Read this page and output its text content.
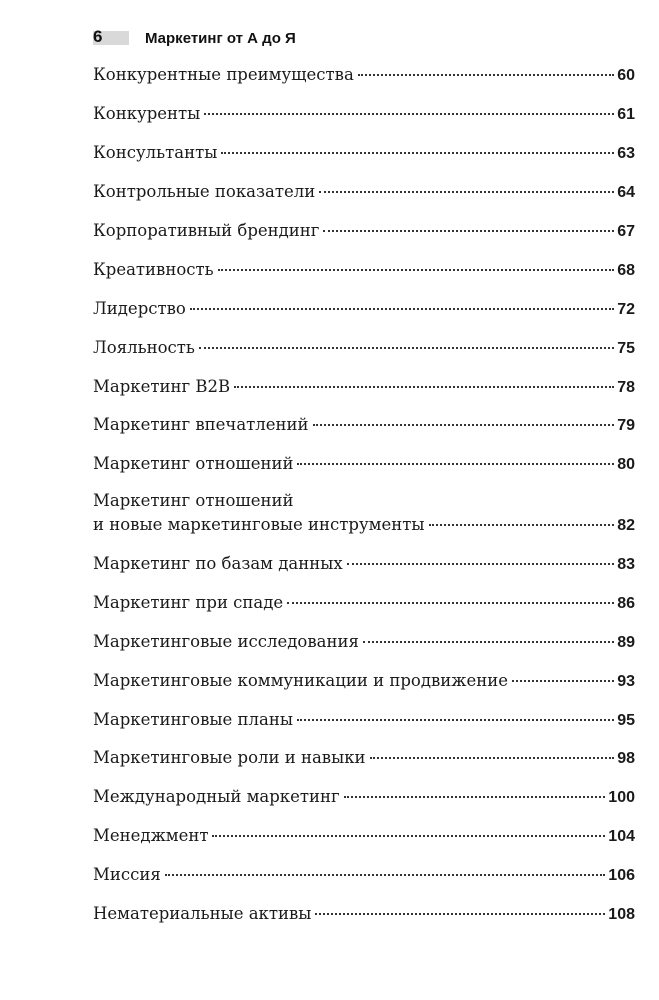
6	Маркетинг от А до Я
Конкурентные преимущества	60
Конкуренты	61
Консультанты	63
Контрольные показатели	64
Корпоративный брендинг	67
Креативность	68
Лидерство	72
Лояльность	75
Маркетинг B2B	78
Маркетинг впечатлений	79
Маркетинг отношений	80
Маркетинг отношений
и новые маркетинговые инструменты	82
Маркетинг по базам данных	83
Маркетинг при спаде	86
Маркетинговые исследования	89
Маркетинговые коммуникации и продвижение	93
Маркетинговые планы	95
Маркетинговые роли и навыки	98
Международный маркетинг	100
Менеджмент	104
Миссия	106
Нематериальные активы	108
